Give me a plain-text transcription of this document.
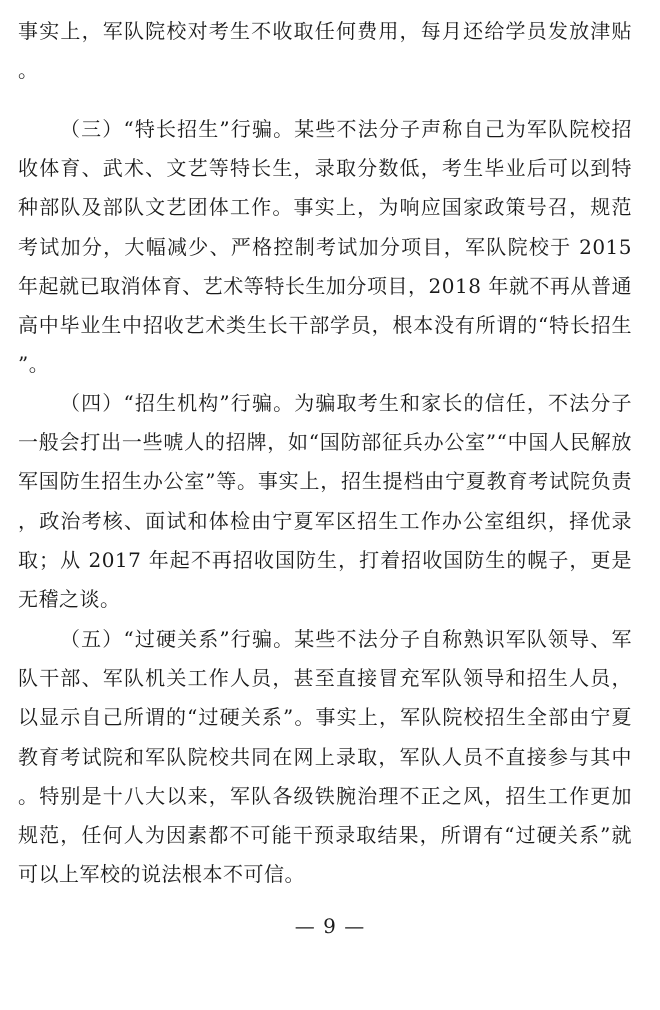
事实上，军队院校对考生不收取任何费用，每月还给学员发放津贴。

（三）“特长招生”行骗。某些不法分子声称自己为军队院校招收体育、武术、文艺等特长生，录取分数低，考生毕业后可以到特种部队及部队文艺团体工作。事实上，为响应国家政策号召，规范考试加分，大幅减少、严格控制考试加分项目，军队院校于 2015 年起就已取消体育、艺术等特长生加分项目，2018 年就不再从普通高中毕业生中招收艺术类生长干部学员，根本没有所谓的“特长招生”。

（四）“招生机构”行骗。为骗取考生和家长的信任，不法分子一般会打出一些唬人的招牌，如“国防部征兵办公室”“中国人民解放军国防生招生办公室”等。事实上，招生提档由宁夏教育考试院负责，政治考核、面试和体检由宁夏军区招生工作办公室组织，择优录取；从 2017 年起不再招收国防生，打着招收国防生的幌子，更是无稽之谈。

（五）“过硬关系”行骗。某些不法分子自称熟识军队领导、军队干部、军队机关工作人员，甚至直接冒充军队领导和招生人员，以显示自己所谓的“过硬关系”。事实上，军队院校招生全部由宁夏教育考试院和军队院校共同在网上录取，军队人员不直接参与其中。特别是十八大以来，军队各级铁腕治理不正之风，招生工作更加规范，任何人为因素都不可能干预录取结果，所谓有“过硬关系”就可以上军校的说法根本不可信。

— 9 —
